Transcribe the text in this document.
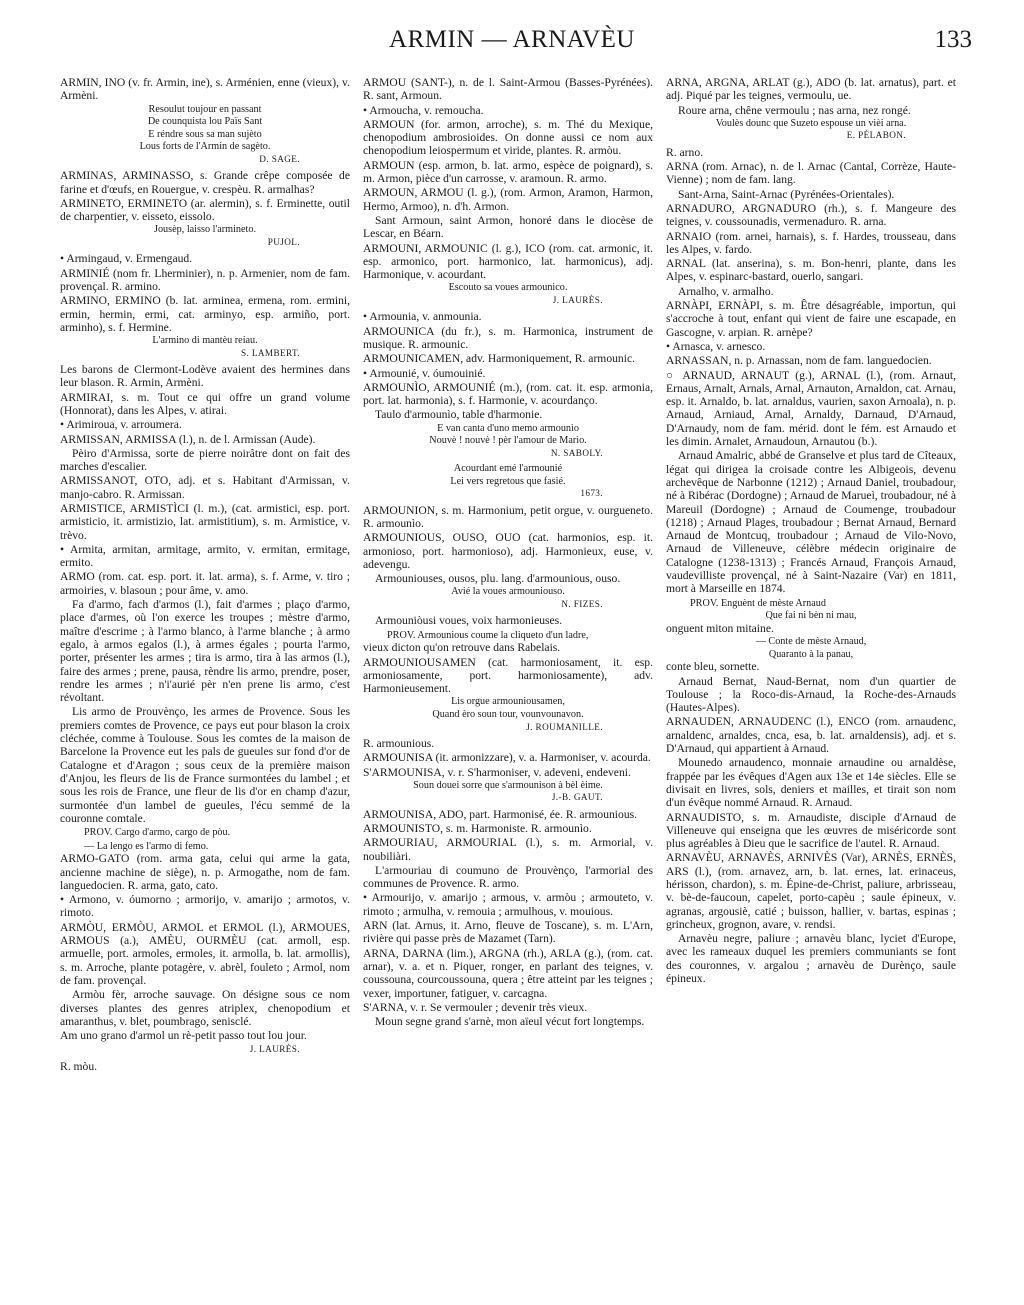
ARMIN — ARNAVÈU	133

ARMIN, INO (v. fr. Armin, ine), s. Arménien, enne (vieux), v. Armèni.

Resoulut toujour en passant

De counquista lou Païs Sant

E réndre sous sa man sujèto

Lous forts de l'Armin de sagèto.

D. SAGE.

ARMINAS, ARMINASSO, s. Grande crêpe composée de farine et d'œufs, en Rouergue, v. crespèu. R. armalhas?

ARMINETO, ERMINETO (ar. alermin), s. f. Erminette, outil de charpentier, v. eisseto, eissolo.

Jousèp, laisso l'armineto.

PUJOL.

• Armingaud, v. Ermengaud.

ARMINIÉ (nom fr. Lherminier), n. p. Armenier, nom de fam. provençal. R. armino.

ARMINO, ERMINO (b. lat. arminea, ermena, rom. ermini, ermin, hermin, ermi, cat. arminyo, esp. armiño, port. arminho), s. f. Hermine.

L'armino di mantèu reiau.

S. LAMBERT.

Les barons de Clermont-Lodève avaient des hermines dans leur blason. R. Armin, Armèni.

ARMIRAI, s. m. Tout ce qui offre un grand volume (Honnorat), dans les Alpes, v. atirai.

• Arimiroua, v. arroumera.

ARMISSAN, ARMISSA (l.), n. de l. Armissan (Aude).

Pèiro d'Armissa, sorte de pierre noirâtre dont on fait des marches d'escalier.

ARMISSANOT, OTO, adj. et s. Habitant d'Armissan, v. manjo-cabro. R. Armissan.

ARMISTICE, ARMISTÌCI (l. m.), (cat. armistici, esp. port. armisticio, it. armistizio, lat. armistitium), s. m. Armistice, v. trèvo.

• Armita, armitan, armitage, armito, v. ermitan, ermitage, ermito.

ARMO (rom. cat. esp. port. it. lat. arma), s. f. Arme, v. tiro ; armoiries, v. blasoun ; pour âme, v. amo.

Fa d'armo, fach d'armos (l.), fait d'armes ; plaço d'armo, place d'armes, où l'on exerce les troupes ; mèstre d'armo, maître d'escrime ; à l'armo blanco, à l'arme blanche ; à armo egalo, à armos egalos (l.), à armes égales ; pourta l'armo, porter, présenter les armes ; tira is armo, tira à las armos (l.), faire des armes ; prene, pausa, rèndre lis armo, prendre, poser, rendre les armes ; n'i'aurié pèr n'en prene lis armo, c'est révoltant.

Lis armo de Prouvènço, les armes de Provence. Sous les premiers comtes de Provence, ce pays eut pour blason la croix cléchée, comme à Toulouse. Sous les comtes de la maison de Barcelone la Provence eut les pals de gueules sur fond d'or de Catalogne et d'Aragon ; sous ceux de la première maison d'Anjou, les fleurs de lis de France surmontées du lambel ; et sous les rois de France, une fleur de lis d'or en champ d'azur, surmontée d'un lambel de gueules, l'écu semmé de la couronne comtale.

PROV. Cargo d'armo, cargo de pòu.

— La lengo es l'armo di femo.

ARMO-GATO (rom. arma gata, celui qui arme la gata, ancienne machine de siège), n. p. Armogathe, nom de fam. languedocien. R. arma, gato, cato.

• Armono, v. óumorno ; armorijo, v. amarijo ; armotos, v. rimoto.

ARMÒU, ERMÒU, ARMOL et ERMOL (l.), ARMOUES, ARMOUS (a.), AMÈU, OURMÈU (cat. armoll, esp. armuelle, port. armoles, ermoles, it. armolla, b. lat. armollis), s. m. Arroche, plante potagère, v. abrèl, fouleto ; Armol, nom de fam. provençal.

Armòu fèr, arroche sauvage. On désigne sous ce nom diverses plantes des genres atriplex, chenopodium et amaranthus, v. blet, poumbrago, senisclé.

Am uno grano d'armol un rè-petit passo tout lou jour.

J. LAURÈS.

R. mòu.

ARMOU (SANT-), n. de l. Saint-Armou (Basses-Pyrénées). R. sant, Armoun.

• Armoucha, v. remoucha.

ARMOUN (for. armon, arroche), s. m. Thé du Mexique, chenopodium ambrosioides. On donne aussi ce nom aux chenopodium leiospermum et viride, plantes. R. armòu.

ARMOUN (esp. armon, b. lat. armo, espèce de poignard), s. m. Armon, pièce d'un carrosse, v. aramoun. R. armo.

ARMOUN, ARMOU (l. g.), (rom. Armon, Aramon, Harmon, Hermo, Armoo), n. d'h. Armon.

Sant Armoun, saint Armon, honoré dans le diocèse de Lescar, en Béarn.

ARMOUNI, ARMOUNIC (l. g.), ICO (rom. cat. armonic, it. esp. armonico, port. harmonico, lat. harmonicus), adj. Harmonique, v. acourdant.

Escouto sa voues armounico.

J. LAURÈS.

• Armounia, v. anmounia.

ARMOUNICA (du fr.), s. m. Harmonica, instrument de musique. R. armounic.

ARMOUNICAMEN, adv. Harmoniquement, R. armounic.

• Armounié, v. óumouinié.

ARMOUNÌO, ARMOUNIÉ (m.), (rom. cat. it. esp. armonia, port. lat. harmonia), s. f. Harmonie, v. acourdanço.

Taulo d'armounìo, table d'harmonie.

E van canta d'uno memo armounìo

Nouvè ! nouvè ! pèr l'amour de Marìo.

N. SABOLY.

Acourdant emé l'armounié

Lei vers regretous que fasié.

1673.

ARMOUNION, s. m. Harmonium, petit orgue, v. ourgueneto. R. armounìo.

ARMOUNIOUS, OUSO, OUO (cat. harmonios, esp. it. armonioso, port. harmonioso), adj. Harmonieux, euse, v. adevengu.

Armouniouses, ousos, plu. lang. d'armounious, ouso.

Avié la voues armouniouso.

N. FIZES.

Armouniòusi voues, voix harmonieuses.

PROV. Armounious coume la cliqueto d'un ladre,

vieux dicton qu'on retrouve dans Rabelais.

ARMOUNIOUSAMEN (cat. harmoniosament, it. esp. armoniosamente, port. harmoniosamente), adv. Harmonieusement.

Lis orgue armouniousamen,

Quand èro soun tour, vounvounavon.

J. ROUMANILLE.

R. armounious.

ARMOUNISA (it. armonizzare), v. a. Harmoniser, v. acourda.

S'ARMOUNISA, v. r. S'harmoniser, v. adeveni, endeveni.

Soun douei sorre que s'armounison à bèl èime.

J.-B. GAUT.

ARMOUNISA, ADO, part. Harmonisé, ée. R. armounious.

ARMOUNISTO, s. m. Harmoniste. R. armounìo.

ARMOURIAU, ARMOURIAL (l.), s. m. Armorial, v. noubiliàri.

L'armouriau di coumuno de Prouvènço, l'armorial des communes de Provence. R. armo.

• Armourijo, v. amarijo ; armous, v. armòu ; armouteto, v. rimoto ; armulha, v. remouia ; armulhous, v. mouious.

ARN (lat. Arnus, it. Arno, fleuve de Toscane), s. m. L'Arn, rivière qui passe près de Mazamet (Tarn).

ARNA, DARNA (lim.), ARGNA (rh.), ARLA (g.), (rom. cat. arnar), v. a. et n. Piquer, ronger, en parlant des teignes, v. coussouna, courcoussouna, quera ; être atteint par les teignes ; vexer, importuner, fatiguer, v. carcagna.

S'ARNA, v. r. Se vermouler ; devenir très vieux.

Moun segne grand s'arnè, mon aïeul vécut fort longtemps.

ARNA, ARGNA, ARLAT (g.), ADO (b. lat. arnatus), part. et adj. Piqué par les teignes, vermoulu, ue.

Roure arna, chêne vermoulu ; nas arna, nez rongé.

Voulès dounc que Suzeto espouse un vièi arna.

E. PÉLABON.

R. arno.

ARNA (rom. Arnac), n. de l. Arnac (Cantal, Corrèze, Haute-Vienne) ; nom de fam. lang.

Sant-Arna, Saint-Arnac (Pyrénées-Orientales).

ARNADURO, ARGNADURO (rh.), s. f. Mangeure des teignes, v. coussounadis, vermenaduro. R. arna.

ARNAIO (rom. arnei, harnais), s. f. Hardes, trousseau, dans les Alpes, v. fardo.

ARNAL (lat. anserina), s. m. Bon-henri, plante, dans les Alpes, v. espinarc-bastard, ouerlo, sangari.

Arnalho, v. armalho.

ARNÀPI, ERNÀPI, s. m. Être désagréable, importun, qui s'accroche à tout, enfant qui vient de faire une escapade, en Gascogne, v. arpian. R. arnèpe?

• Arnasca, v. arnesco.

ARNASSAN, n. p. Arnassan, nom de fam. languedocien.

○ ARNAUD, ARNAUT (g.), ARNAL (l.), (rom. Arnaut, Ernaus, Arnalt, Arnals, Arnal, Arnauton, Arnaldon, cat. Arnau, esp. it. Arnaldo, b. lat. arnaldus, vaurien, saxon Arnoala), n. p. Arnaud, Arniaud, Arnal, Arnaldy, Darnaud, D'Arnaud, D'Arnaudy, nom de fam. mérid. dont le fém. est Arnaudo et les dimin. Arnalet, Arnaudoun, Arnautou (b.).

Arnaud Amalric, abbé de Granselve et plus tard de Cîteaux, légat qui dirigea la croisade contre les Albigeois, devenu archevêque de Narbonne (1212) ; Arnaud Daniel, troubadour, né à Ribérac (Dordogne) ; Arnaud de Marueì, troubadour, né à Mareuil (Dordogne) ; Arnaud de Coumenge, troubadour (1218) ; Arnaud Plages, troubadour ; Bernat Arnaud, Bernard Arnaud de Montcuq, troubadour ; Arnaud de Vilo-Novo, Arnaud de Villeneuve, célèbre médecin originaire de Catalogne (1238-1313) ; Francés Arnaud, François Arnaud, vaudevilliste provençal, né à Saint-Nazaire (Var) en 1811, mort à Marseille en 1874.

PROV. Enguènt de mèste Arnaud

Que fai ni bèn ni mau,

onguent miton mitaine.

— Conte de mèste Arnaud,

Quaranto à la panau,

conte bleu, sornette.

Arnaud Bernat, Naud-Bernat, nom d'un quartier de Toulouse ; la Roco-dis-Arnaud, la Roche-des-Arnauds (Hautes-Alpes).

ARNAUDEN, ARNAUDENC (l.), ENCO (rom. arnaudenc, arnaldenc, arnaldes, cnca, esa, b. lat. arnaldensis), adj. et s. D'Arnaud, qui appartient à Arnaud.

Mounedo arnaudenco, monnaie arnaudine ou arnaldèse, frappée par les évêques d'Agen aux 13e et 14e siècles. Elle se divisait en livres, sols, deniers et mailles, et tirait son nom d'un évêque nommé Arnaud. R. Arnaud.

ARNAUDISTO, s. m. Arnaudiste, disciple d'Arnaud de Villeneuve qui enseigna que les œuvres de miséricorde sont plus agréables à Dieu que le sacrifice de l'autel. R. Arnaud.

ARNAVÈU, ARNAVÈS, ARNIVÈS (Var), ARNÈS, ERNÈS, ARS (l.), (rom. arnavez, arn, b. lat. ernes, lat. erinaceus, hérisson, chardon), s. m. Épine-de-Christ, paliure, arbrisseau, v. bè-de-faucoun, capelet, porto-capèu ; saule épineux, v. agranas, argousiè, catié ; buisson, hallier, v. bartas, espinas ; grincheux, grognon, avare, v. rendsi.

Arnavèu negre, paliure ; arnavèu blanc, lyciet d'Europe, avec les rameaux duquel les premiers communiants se font des couronnes, v. argalou ; arnavèu de Durènço, saule épineux.
